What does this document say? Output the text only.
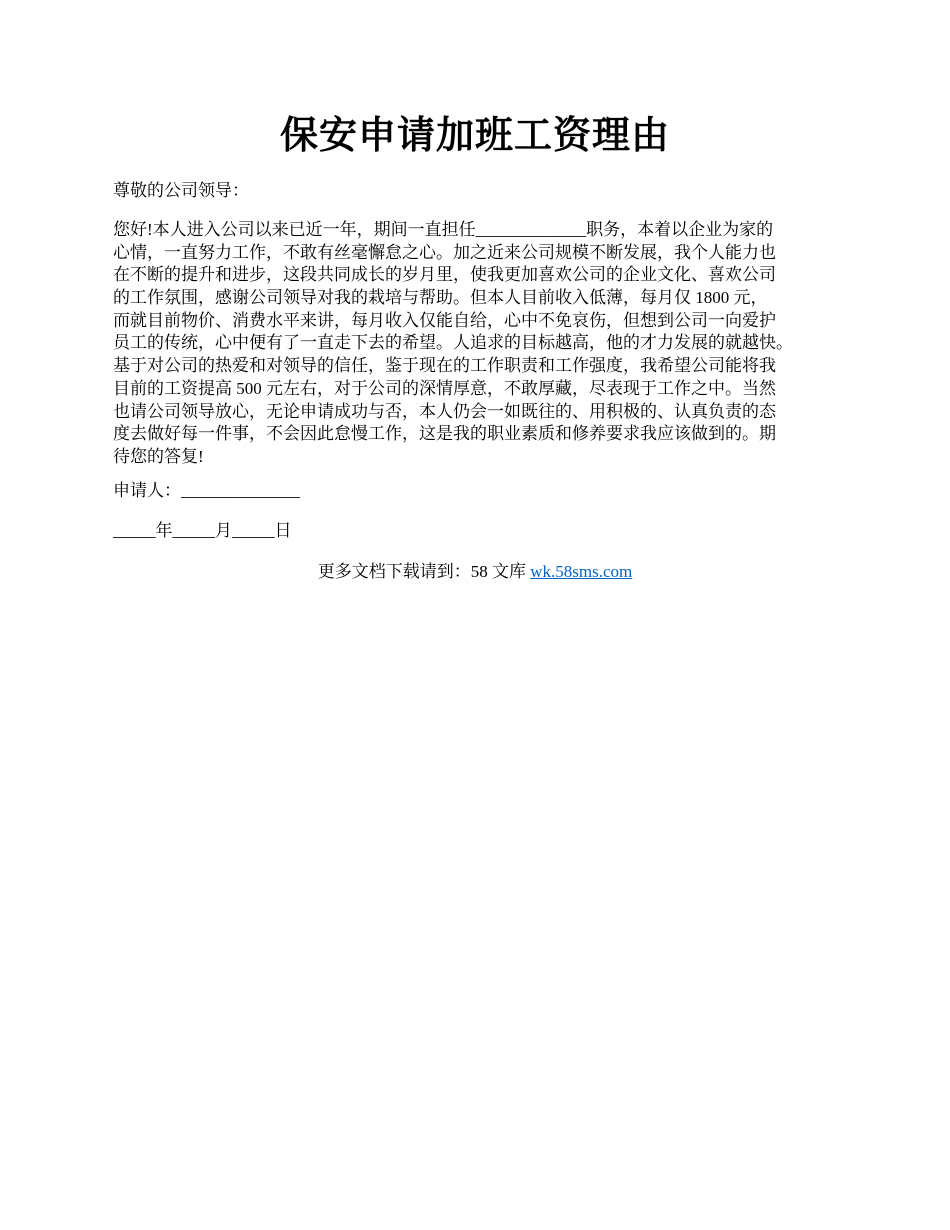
保安申请加班工资理由
尊敬的公司领导：
您好!本人进入公司以来已近一年，期间一直担任_____________职务，本着以企业为家的
心情，一直努力工作，不敢有丝毫懈怠之心。加之近来公司规模不断发展，我个人能力也
在不断的提升和进步，这段共同成长的岁月里，使我更加喜欢公司的企业文化、喜欢公司
的工作氛围，感谢公司领导对我的栽培与帮助。但本人目前收入低薄，每月仅 1800 元，
而就目前物价、消费水平来讲，每月收入仅能自给，心中不免哀伤，但想到公司一向爱护
员工的传统，心中便有了一直走下去的希望。人追求的目标越高，他的才力发展的就越快。
基于对公司的热爱和对领导的信任，鉴于现在的工作职责和工作强度，我希望公司能将我
目前的工资提高 500 元左右，对于公司的深情厚意，不敢厚藏，尽表现于工作之中。当然
也请公司领导放心，无论申请成功与否，本人仍会一如既往的、用积极的、认真负责的态
度去做好每一件事，不会因此怠慢工作，这是我的职业素质和修养要求我应该做到的。期
待您的答复!
申请人：______________
_____年_____月_____日
更多文档下载请到：58 文库 wk.58sms.com
